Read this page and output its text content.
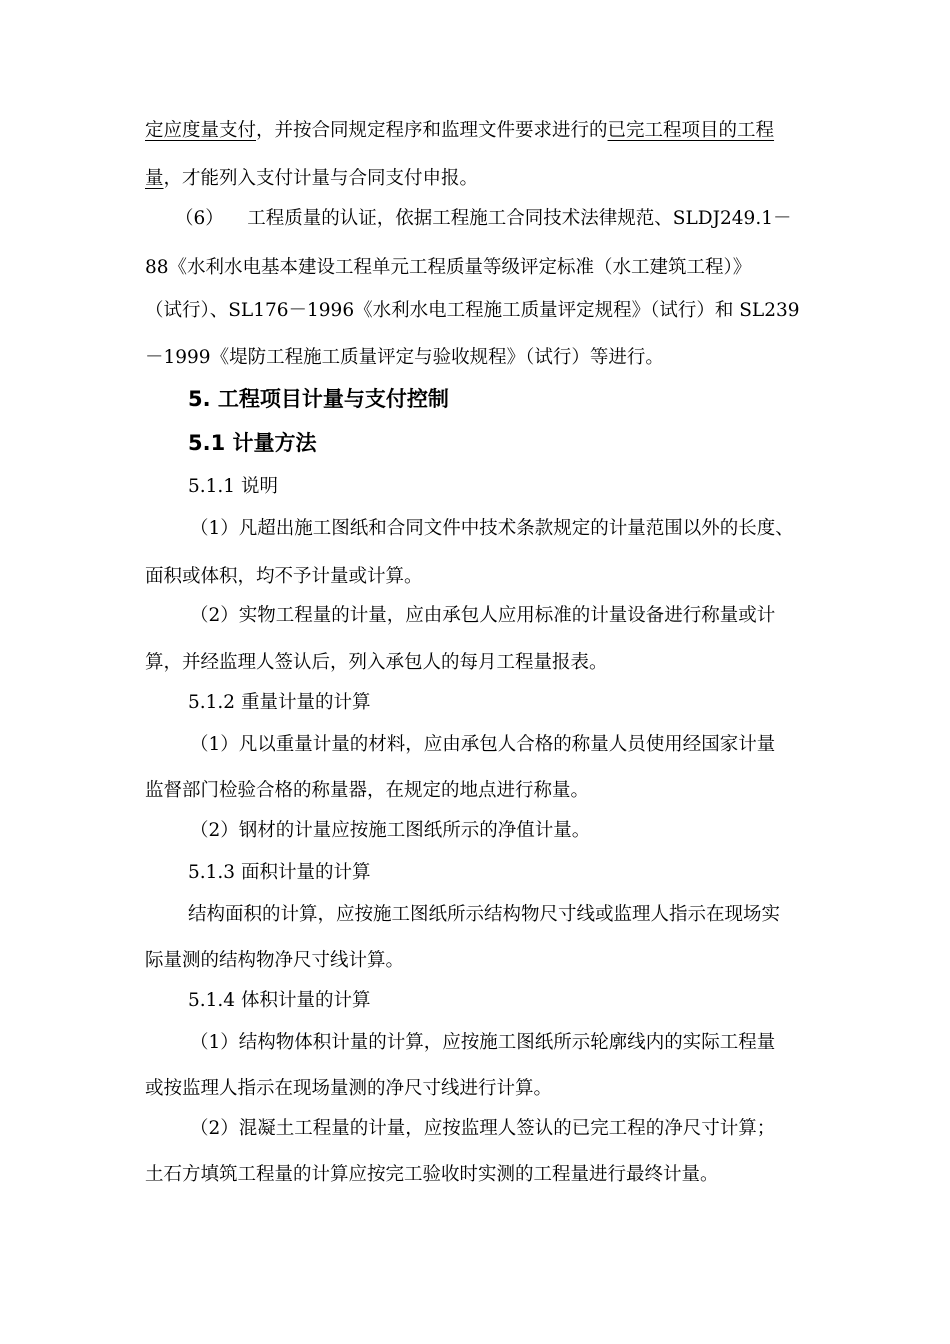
定应度量支付，并按合同规定程序和监理文件要求进行的已完工程项目的工程
量，才能列入支付计量与合同支付申报。
（6）    工程质量的认证，依据工程施工合同技术法律规范、SLDJ249.1－
88《水利水电基本建设工程单元工程质量等级评定标准（水工建筑工程）》
（试行）、SL176－1996《水利水电工程施工质量评定规程》（试行）和 SL239
－1999《堤防工程施工质量评定与验收规程》（试行）等进行。
5. 工程项目计量与支付控制
5.1 计量方法
5.1.1 说明
（1）凡超出施工图纸和合同文件中技术条款规定的计量范围以外的长度、
面积或体积，均不予计量或计算。
（2）实物工程量的计量，应由承包人应用标准的计量设备进行称量或计
算，并经监理人签认后，列入承包人的每月工程量报表。
5.1.2 重量计量的计算
（1）凡以重量计量的材料，应由承包人合格的称量人员使用经国家计量
监督部门检验合格的称量器，在规定的地点进行称量。
（2）钢材的计量应按施工图纸所示的净值计量。
5.1.3 面积计量的计算
结构面积的计算，应按施工图纸所示结构物尺寸线或监理人指示在现场实
际量测的结构物净尺寸线计算。
5.1.4 体积计量的计算
（1）结构物体积计量的计算，应按施工图纸所示轮廓线内的实际工程量
或按监理人指示在现场量测的净尺寸线进行计算。
（2）混凝土工程量的计量，应按监理人签认的已完工程的净尺寸计算；
土石方填筑工程量的计算应按完工验收时实测的工程量进行最终计量。
